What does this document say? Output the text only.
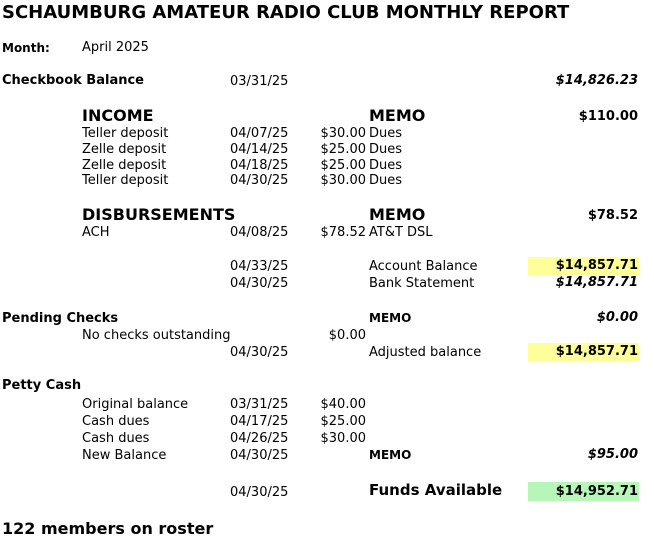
SCHAUMBURG AMATEUR RADIO CLUB MONTHLY REPORT
Month: April 2025
Checkbook Balance	03/31/25	$14,826.23
INCOME	MEMO	$110.00
Teller deposit	04/07/25	$30.00 Dues
Zelle deposit	04/14/25	$25.00 Dues
Zelle deposit	04/18/25	$25.00 Dues
Teller deposit	04/30/25	$30.00 Dues
DISBURSEMENTS	MEMO	$78.52
ACH	04/08/25	$78.52 AT&T DSL
04/33/25	Account Balance	$14,857.71
04/30/25	Bank Statement	$14,857.71
Pending Checks	MEMO	$0.00
No checks outstanding	$0.00
04/30/25	Adjusted balance	$14,857.71
Petty Cash
Original balance	03/31/25	$40.00
Cash dues	04/17/25	$25.00
Cash dues	04/26/25	$30.00
New Balance	04/30/25	MEMO	$95.00
04/30/25	Funds Available	$14,952.71
122 members on roster
